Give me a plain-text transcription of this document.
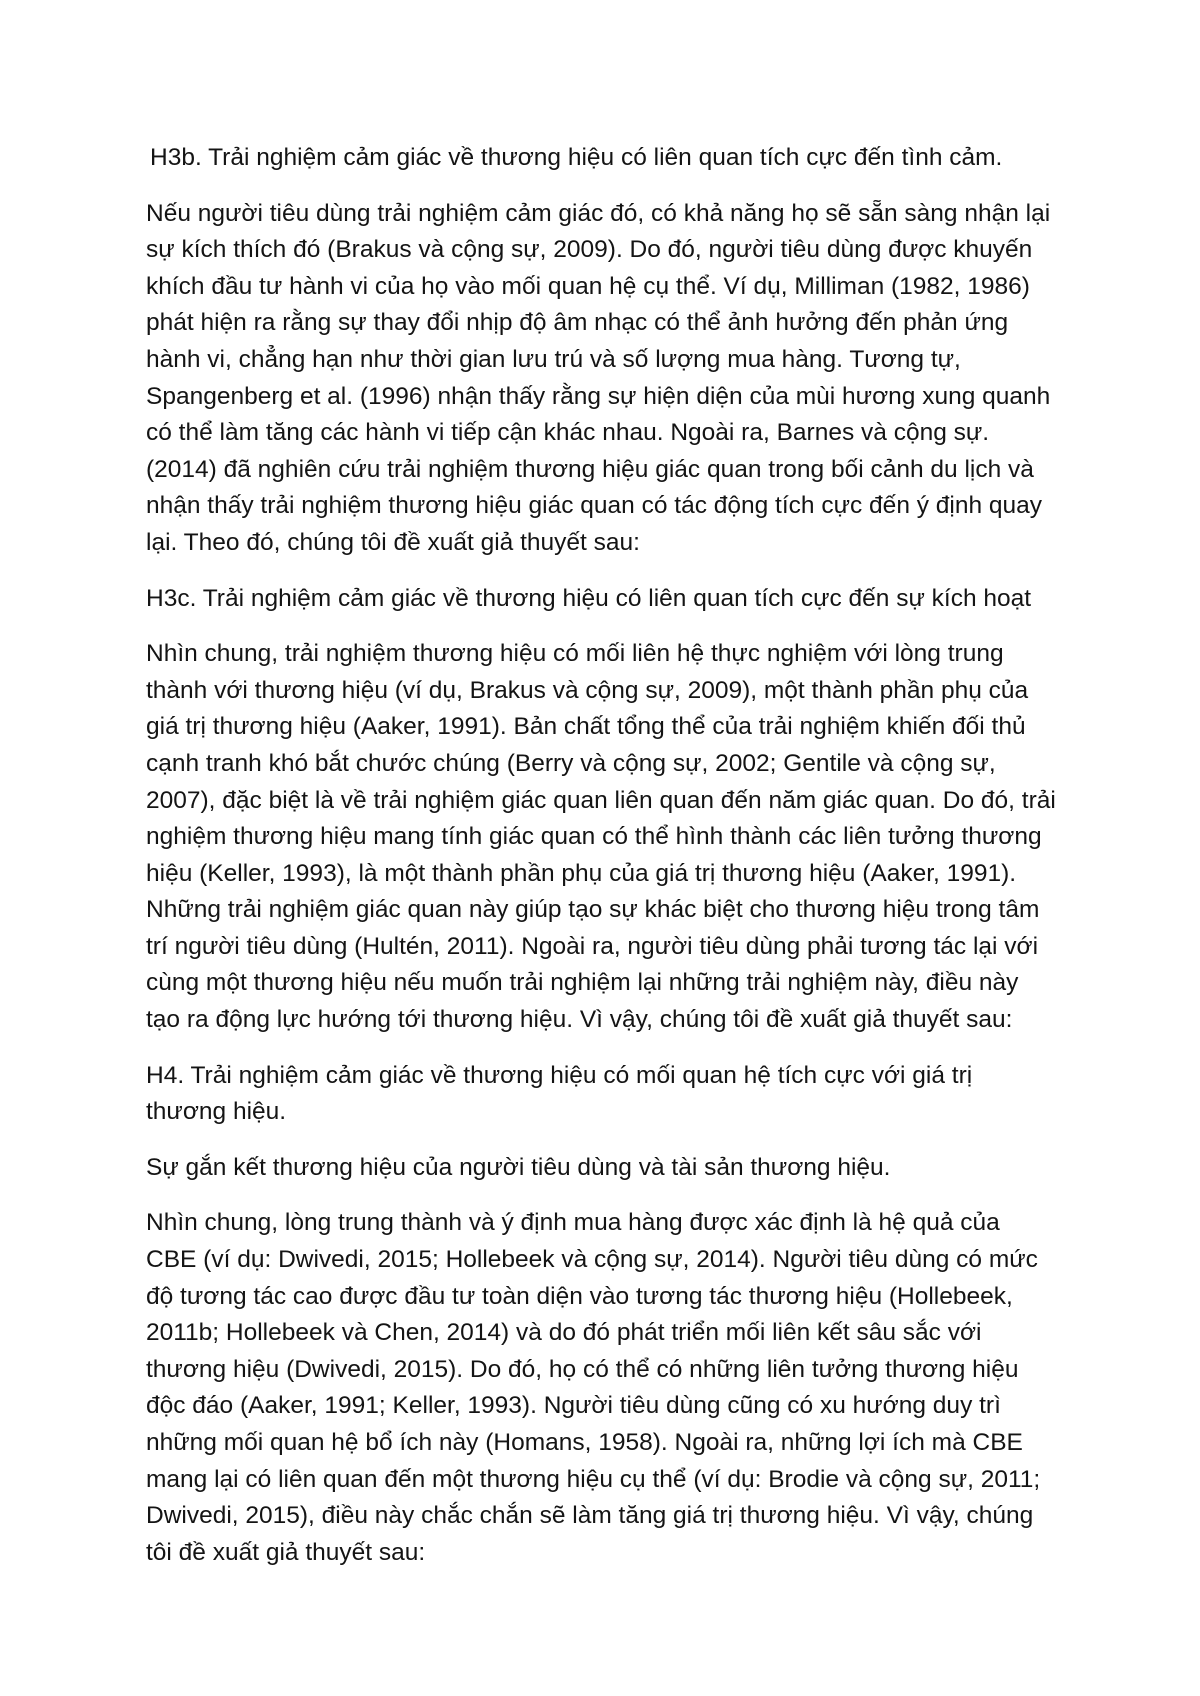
H3b. Trải nghiệm cảm giác về thương hiệu có liên quan tích cực đến tình cảm.

Nếu người tiêu dùng trải nghiệm cảm giác đó, có khả năng họ sẽ sẵn sàng nhận lại sự kích thích đó (Brakus và cộng sự, 2009). Do đó, người tiêu dùng được khuyến khích đầu tư hành vi của họ vào mối quan hệ cụ thể. Ví dụ, Milliman (1982, 1986) phát hiện ra rằng sự thay đổi nhịp độ âm nhạc có thể ảnh hưởng đến phản ứng hành vi, chẳng hạn như thời gian lưu trú và số lượng mua hàng. Tương tự, Spangenberg et al. (1996) nhận thấy rằng sự hiện diện của mùi hương xung quanh có thể làm tăng các hành vi tiếp cận khác nhau. Ngoài ra, Barnes và cộng sự. (2014) đã nghiên cứu trải nghiệm thương hiệu giác quan trong bối cảnh du lịch và nhận thấy trải nghiệm thương hiệu giác quan có tác động tích cực đến ý định quay lại. Theo đó, chúng tôi đề xuất giả thuyết sau:

H3c. Trải nghiệm cảm giác về thương hiệu có liên quan tích cực đến sự kích hoạt

Nhìn chung, trải nghiệm thương hiệu có mối liên hệ thực nghiệm với lòng trung thành với thương hiệu (ví dụ, Brakus và cộng sự, 2009), một thành phần phụ của giá trị thương hiệu (Aaker, 1991). Bản chất tổng thể của trải nghiệm khiến đối thủ cạnh tranh khó bắt chước chúng (Berry và cộng sự, 2002; Gentile và cộng sự, 2007), đặc biệt là về trải nghiệm giác quan liên quan đến năm giác quan. Do đó, trải nghiệm thương hiệu mang tính giác quan có thể hình thành các liên tưởng thương hiệu (Keller, 1993), là một thành phần phụ của giá trị thương hiệu (Aaker, 1991). Những trải nghiệm giác quan này giúp tạo sự khác biệt cho thương hiệu trong tâm trí người tiêu dùng (Hultén, 2011). Ngoài ra, người tiêu dùng phải tương tác lại với cùng một thương hiệu nếu muốn trải nghiệm lại những trải nghiệm này, điều này tạo ra động lực hướng tới thương hiệu. Vì vậy, chúng tôi đề xuất giả thuyết sau:

H4. Trải nghiệm cảm giác về thương hiệu có mối quan hệ tích cực với giá trị thương hiệu.

Sự gắn kết thương hiệu của người tiêu dùng và tài sản thương hiệu.

Nhìn chung, lòng trung thành và ý định mua hàng được xác định là hệ quả của CBE (ví dụ: Dwivedi, 2015; Hollebeek và cộng sự, 2014). Người tiêu dùng có mức độ tương tác cao được đầu tư toàn diện vào tương tác thương hiệu (Hollebeek, 2011b; Hollebeek và Chen, 2014) và do đó phát triển mối liên kết sâu sắc với thương hiệu (Dwivedi, 2015). Do đó, họ có thể có những liên tưởng thương hiệu độc đáo (Aaker, 1991; Keller, 1993). Người tiêu dùng cũng có xu hướng duy trì những mối quan hệ bổ ích này (Homans, 1958). Ngoài ra, những lợi ích mà CBE mang lại có liên quan đến một thương hiệu cụ thể (ví dụ: Brodie và cộng sự, 2011; Dwivedi, 2015), điều này chắc chắn sẽ làm tăng giá trị thương hiệu. Vì vậy, chúng tôi đề xuất giả thuyết sau:
